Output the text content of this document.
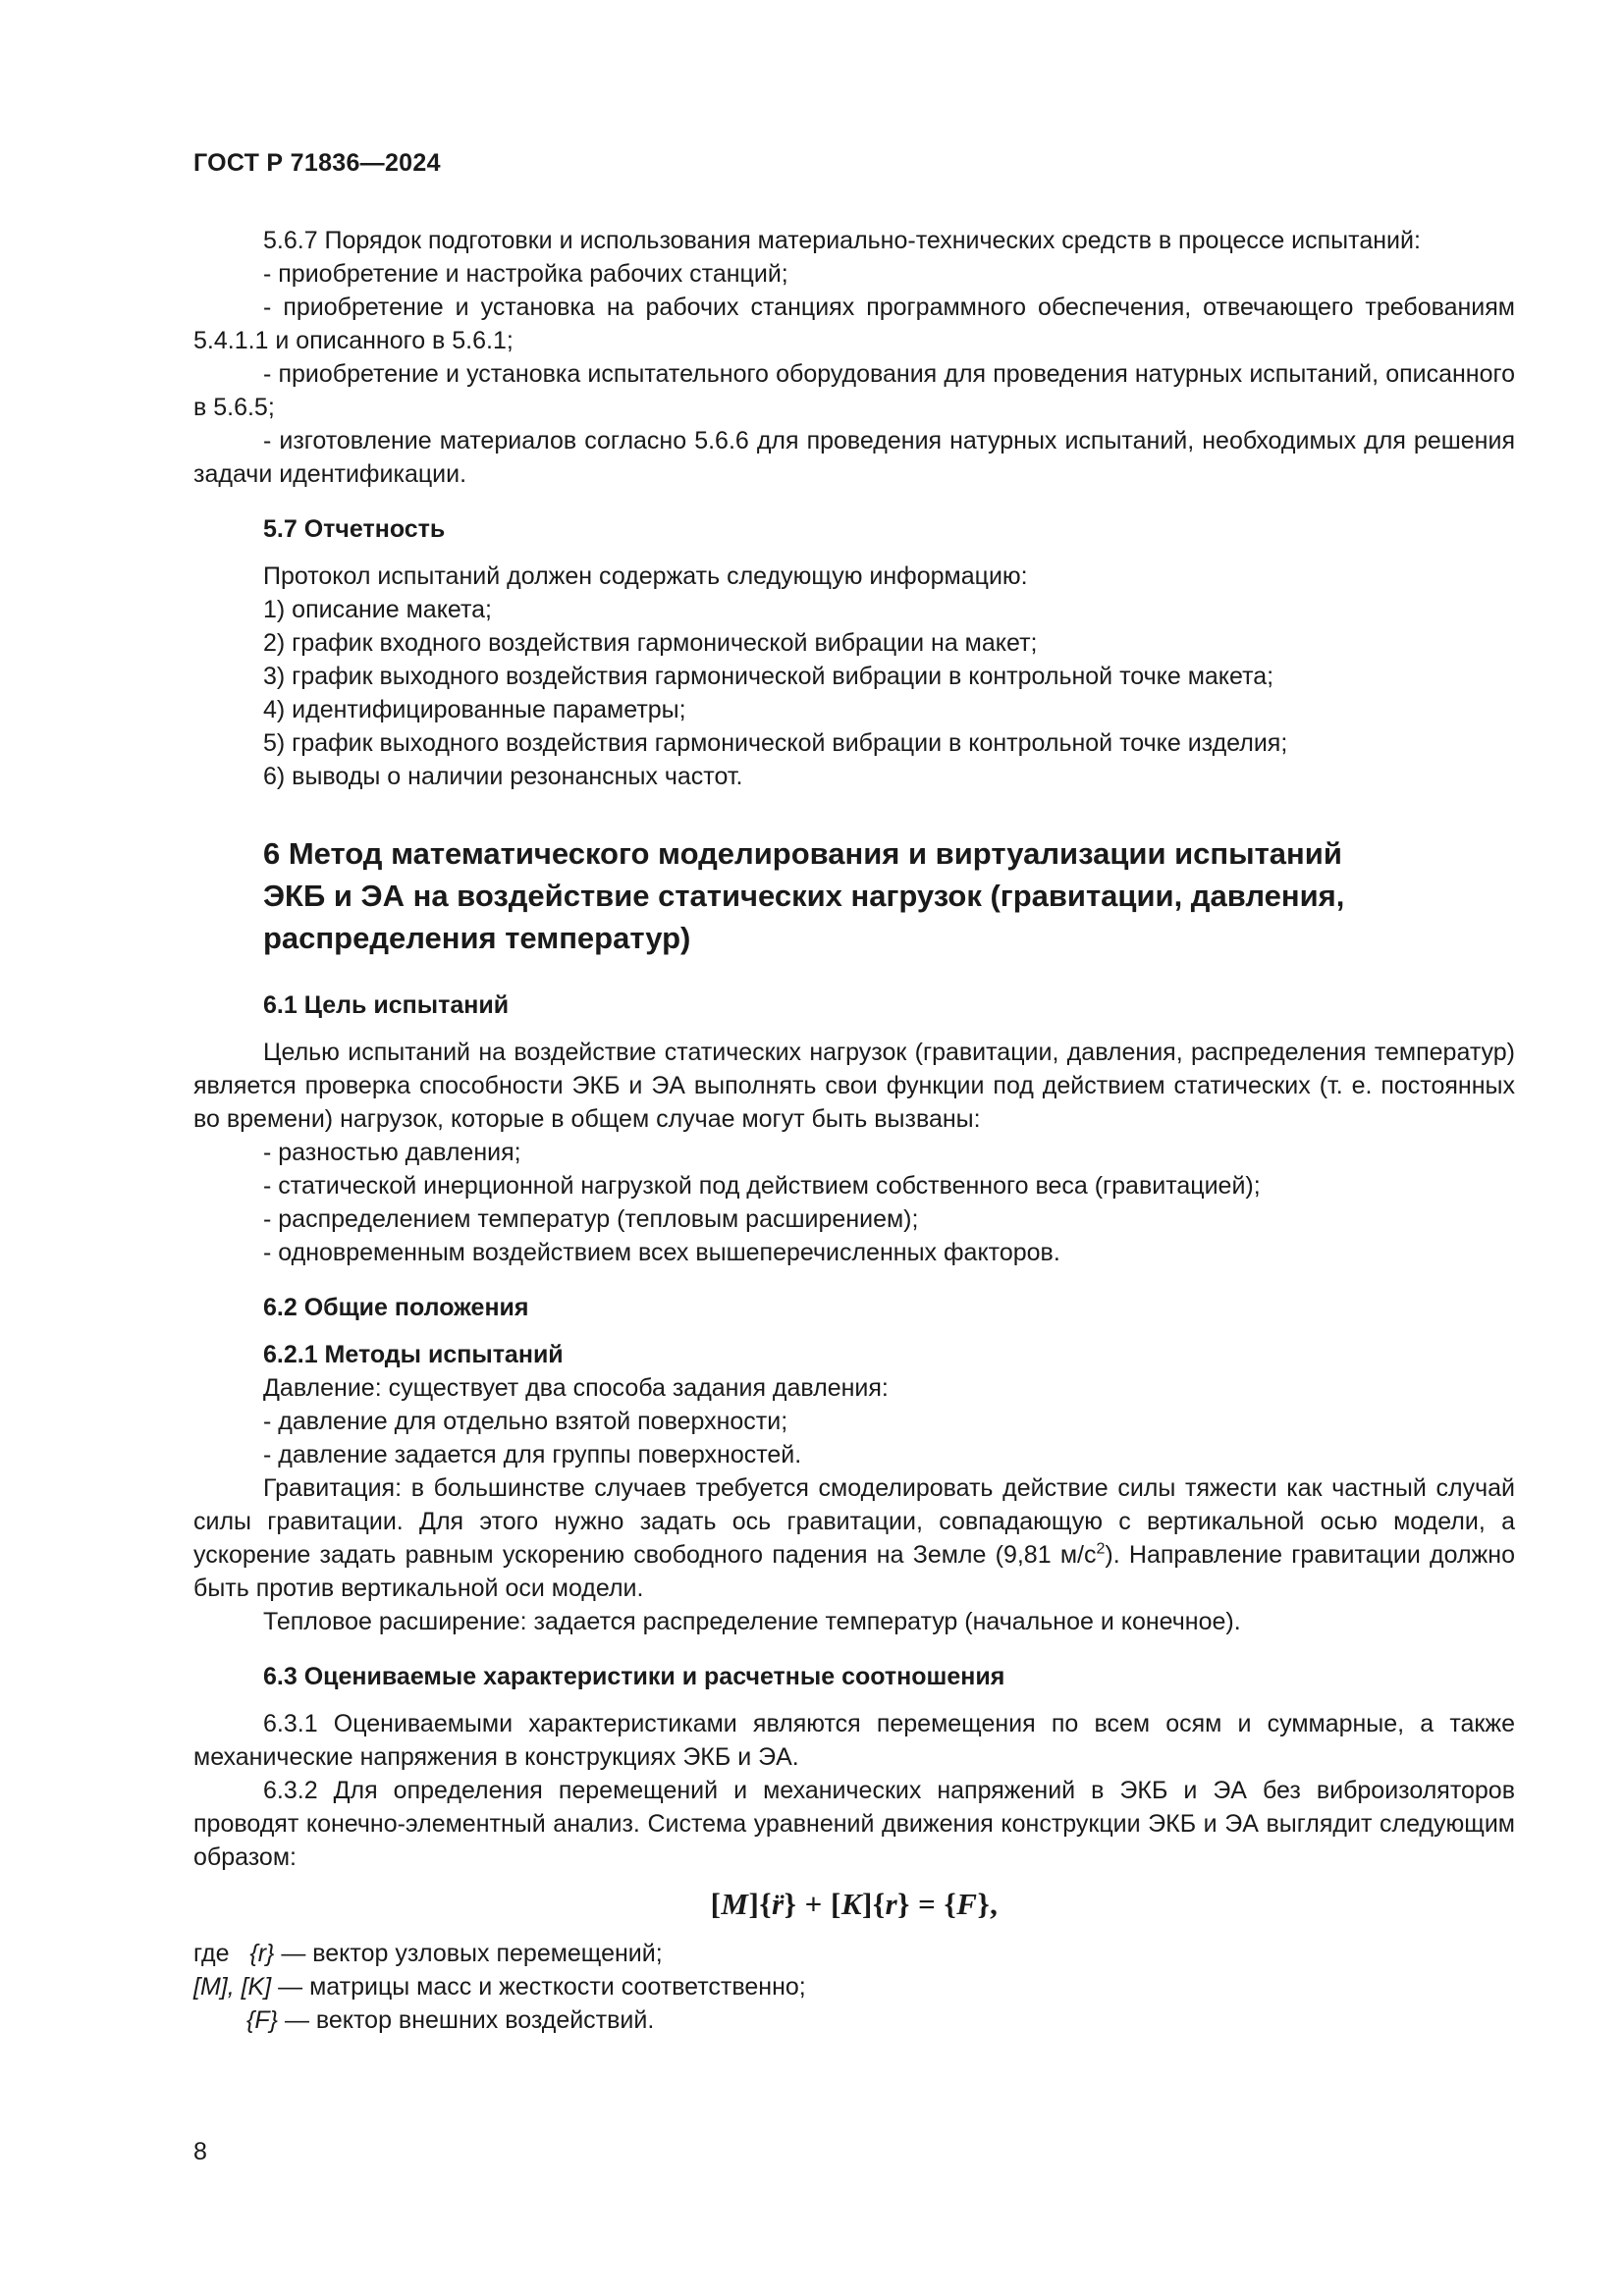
ГОСТ Р 71836—2024

5.6.7 Порядок подготовки и использования материально-технических средств в процессе испытаний:

- приобретение и настройка рабочих станций;

- приобретение и установка на рабочих станциях программного обеспечения, отвечающего требованиям 5.4.1.1 и описанного в 5.6.1;

- приобретение и установка испытательного оборудования для проведения натурных испытаний, описанного в 5.6.5;

- изготовление материалов согласно 5.6.6 для проведения натурных испытаний, необходимых для решения задачи идентификации.

5.7 Отчетность

Протокол испытаний должен содержать следующую информацию:

1) описание макета;

2) график входного воздействия гармонической вибрации на макет;

3) график выходного воздействия гармонической вибрации в контрольной точке макета;

4) идентифицированные параметры;

5) график выходного воздействия гармонической вибрации в контрольной точке изделия;

6) выводы о наличии резонансных частот.

6 Метод математического моделирования и виртуализации испытаний
ЭКБ и ЭА на воздействие статических нагрузок (гравитации, давления,
распределения температур)

6.1 Цель испытаний

Целью испытаний на воздействие статических нагрузок (гравитации, давления, распределения температур) является проверка способности ЭКБ и ЭА выполнять свои функции под действием статических (т. е. постоянных во времени) нагрузок, которые в общем случае могут быть вызваны:

- разностью давления;

- статической инерционной нагрузкой под действием собственного веса (гравитацией);

- распределением температур (тепловым расширением);

- одновременным воздействием всех вышеперечисленных факторов.

6.2 Общие положения

6.2.1 Методы испытаний

Давление: существует два способа задания давления:

- давление для отдельно взятой поверхности;

- давление задается для группы поверхностей.

Гравитация: в большинстве случаев требуется смоделировать действие силы тяжести как частный случай силы гравитации. Для этого нужно задать ось гравитации, совпадающую с вертикальной осью модели, а ускорение задать равным ускорению свободного падения на Земле (9,81 $м/с^2$). Направление гравитации должно быть против вертикальной оси модели.

Тепловое расширение: задается распределение температур (начальное и конечное).

6.3 Оцениваемые характеристики и расчетные соотношения

6.3.1 Оцениваемыми характеристиками являются перемещения по всем осям и суммарные, а также механические напряжения в конструкциях ЭКБ и ЭА.

6.3.2 Для определения перемещений и механических напряжений в ЭКБ и ЭА без виброизоляторов проводят конечно-элементный анализ. Система уравнений движения конструкции ЭКБ и ЭА выглядит следующим образом:

[M]{r̈} + [K]{r} = {F},

где {r} — вектор узловых перемещений;

[M], [K] — матрицы масс и жесткости соответственно;

{F} — вектор внешних воздействий.

8
